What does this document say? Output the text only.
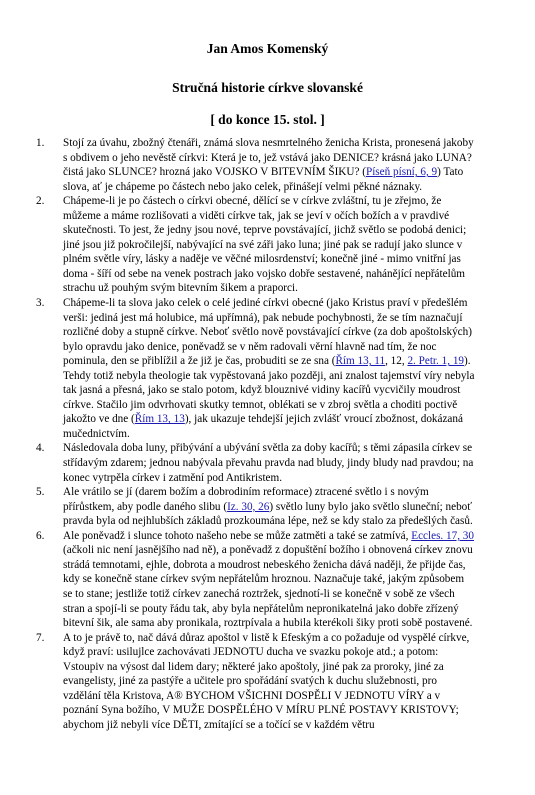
Jan Amos Komenský
Stručná historie církve slovanské
[ do konce 15. stol. ]
1. Stojí za úvahu, zbožný čtenáři, známá slova nesmrtelného ženicha Krista, pronesená jakoby s obdivem o jeho nevěstě církvi: Která je to, jež vstává jako DENICE? krásná jako LUNA? čistá jako SLUNCE? hrozná jako VOJSKO V BITEVNÍM ŠIKU? (Píseň písní, 6, 9) Tato slova, ať je chápeme po částech nebo jako celek, přinášejí velmi pěkné náznaky.
2. Chápeme-li je po částech o církvi obecné, dělící se v církve zvláštní, tu je zřejmo, že můžeme a máme rozlišovati a viděti církve tak, jak se jeví v očích božích a v pravdivé skutečnosti. To jest, že jedny jsou nové, teprve povstávající, jichž světlo se podobá denici; jiné jsou již pokročilejší, nabývající na své záři jako luna; jiné pak se radují jako slunce v plném světle víry, lásky a naděje ve věčné milosrdenství; konečně jiné - mimo vnitřní jas doma - šíří od sebe na venek postrach jako vojsko dobře sestavené, nahánějící nepřátelům strachu už pouhým svým bitevním šikem a praporci.
3. Chápeme-li ta slova jako celek o celé jediné církvi obecné (jako Kristus praví v předešlém verši: jediná jest má holubice, má upřímná), pak nebude pochybnosti, že se tím naznačují rozličné doby a stupně církve. Neboť světlo nově povstávající církve (za dob apoštolských) bylo opravdu jako denice, poněvadž se v něm radovali věrní hlavně nad tím, že noc pominula, den se přiblížil a že již je čas, probuditi se ze sna (Řím 13, 11, 12, 2. Petr. 1, 19). Tehdy totiž nebyla theologie tak vypěstovaná jako později, ani znalost tajemství víry nebyla tak jasná a přesná, jako se stalo potom, když blouznivé vidiny kacířů vycvičily moudrost církve. Stačilo jim odvrhovati skutky temnot, oblékati se v zbroj světla a choditi poctivě jakožto ve dne (Řím 13, 13), jak ukazuje tehdejší jejich zvlášť vroucí zbožnost, dokázaná mučednictvím.
4. Následovala doba luny, přibývání a ubývání světla za doby kacířů; s těmi zápasila církev se střídavým zdarem; jednou nabývala převahu pravda nad bludy, jindy bludy nad pravdou; na konec vytrpěla církev i zatmění pod Antikristem.
5. Ale vrátilo se jí (darem božím a dobrodiním reformace) ztracené světlo i s novým přírůstkem, aby podle daného slibu (Iz. 30, 26) světlo luny bylo jako světlo sluneční; neboť pravda byla od nejhlubších základů prozkoumána lépe, než se kdy stalo za předešlých časů.
6. Ale poněvadž i slunce tohoto našeho nebe se může zatměti a také se zatmívá, Eccles. 17, 30 (ačkoli nic není jasnějšího nad ně), a poněvadž z dopuštění božího i obnovená církev znovu strádá temnotami, ejhle, dobrota a moudrost nebeského ženicha dává naději, že přijde čas, kdy se konečně stane církev svým nepřátelům hroznou. Naznačuje také, jakým způsobem se to stane; jestliže totiž církev zanechá roztržek, sjednotí-li se konečně v sobě ze všech stran a spojí-li se pouty řádu tak, aby byla nepřátelům nepronikatelná jako dobře zřízený bitevní šik, ale sama aby pronikala, roztrpívala a hubila kterékoli šiky proti sobě postavené.
7. A to je právě to, nač dává důraz apoštol v listě k Efeským a co požaduje od vyspělé církve, když praví: usilujlce zachovávati JEDNOTU ducha ve svazku pokoje atd.; a potom: Vstoupiv na výsost dal lidem dary; některé jako apoštoly, jiné pak za proroky, jiné za evangelisty, jiné za pastýře a učitele pro spořádání svatých k duchu služebnosti, pro vzdělání těla Kristova, A® BYCHOM VŠICHNI DOSPĚLI V JEDNOTU VÍRY a v poznání Syna božího, V MUŽE DOSPĚLÉHO V MÍRU PLNÉ POSTAVY KRISTOVY; abychom již nebyli více DĚTI, zmítající se a točící se v každém větru
